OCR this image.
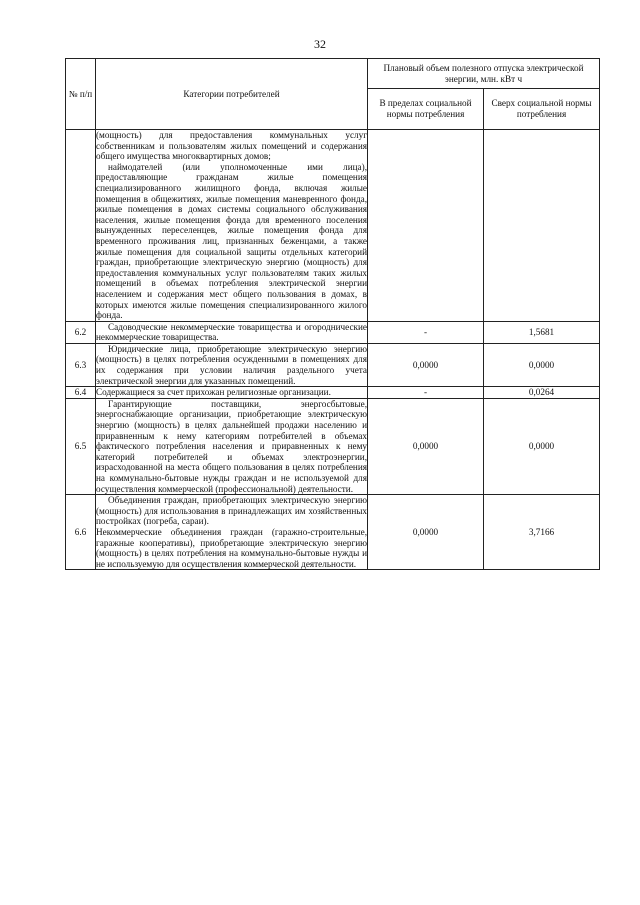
32
№ п/п	Категории потребителей	Плановый объем полезного отпуска электрической энергии, млн. кВт ч	
		В пределах социальной нормы потребления	Сверх социальной нормы потребления

	(мощность) для предоставления коммунальных услуг собственникам и пользователям жилых помещений и содержания общего имущества многоквартирных домов;

наймодателей (или уполномоченные ими лица), предоставляющие гражданам жилые помещения специализированного жилищного фонда, включая жилые помещения в общежитиях, жилые помещения маневренного фонда, жилые помещения в домах системы социального обслуживания населения, жилые помещения фонда для временного поселения вынужденных переселенцев, жилые помещения фонда для временного проживания лиц, признанных беженцами, а также жилые помещения для социальной защиты отдельных категорий граждан, приобретающие электрическую энергию (мощность) для предоставления коммунальных услуг пользователям таких жилых помещений в объемах потребления электрической энергии населением и содержания мест общего пользования в домах, в которых имеются жилые помещения специализированного жилого фонда.		

6.2	Садоводческие некоммерческие товарищества и огороднические некоммерческие товарищества.	-	1,5681
6.3	Юридические лица, приобретающие электрическую энергию (мощность) в целях потребления осужденными в помещениях для их содержания при условии наличия раздельного учета электрической энергии для указанных помещений.	0,0000	0,0000
6.4	Содержащиеся за счет прихожан религиозные организации.	-	0,0264
6.5	Гарантирующие поставщики, энергосбытовые, энергоснабжающие организации, приобретающие электрическую энергию (мощность) в целях дальнейшей продажи населению и приравненным к нему категориям потребителей в объемах фактического потребления населения и приравненных к нему категорий потребителей и объемах электроэнергии, израсходованной на места общего пользования в целях потребления на коммунально-бытовые нужды граждан и не используемой для осуществления коммерческой (профессиональной) деятельности.	0,0000	0,0000
6.6	Объединения граждан, приобретающих электрическую энергию (мощность) для использования в принадлежащих им хозяйственных постройках (погреба, сараи).

Некоммерческие объединения граждан (гаражно-строительные, гаражные кооперативы), приобретающие электрическую энергию (мощность) в целях потребления на коммунально-бытовые нужды и не используемую для осуществления коммерческой деятельности.	0,0000	3,7166
